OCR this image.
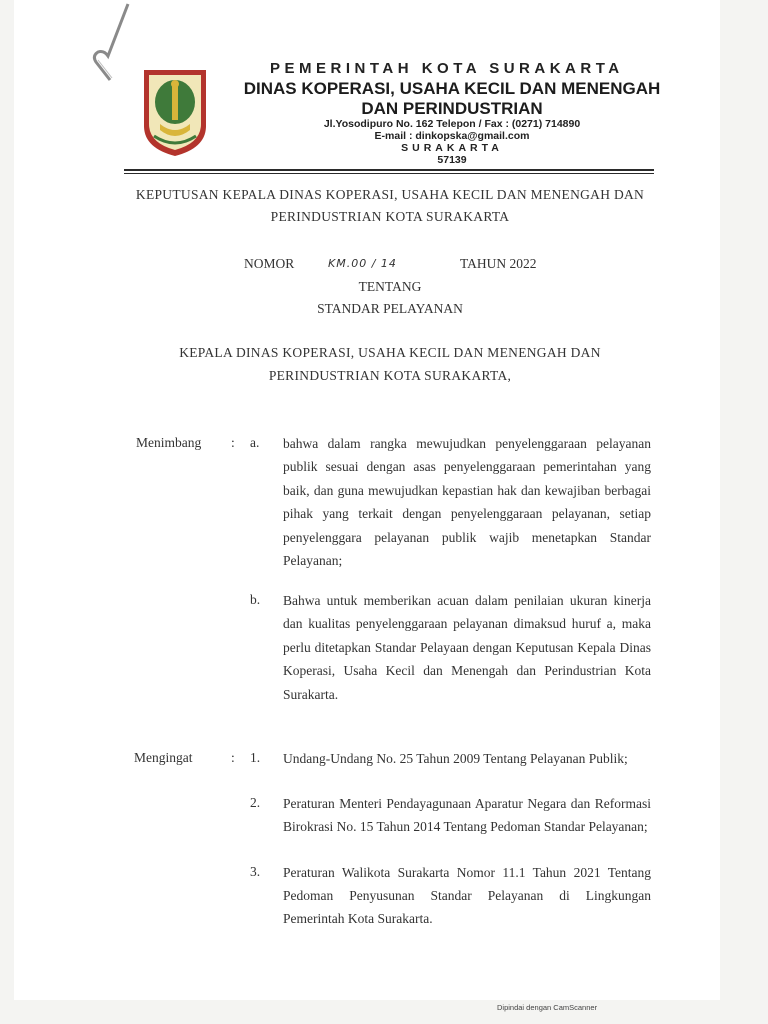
PEMERINTAH KOTA SURAKARTA
DINAS KOPERASI, USAHA KECIL DAN MENENGAH
DAN PERINDUSTRIAN
Jl.Yosodipuro No. 162 Telepon / Fax : (0271) 714890
E-mail : dinkopska@gmail.com
SURAKARTA
57139
KEPUTUSAN KEPALA DINAS KOPERASI, USAHA KECIL DAN MENENGAH DAN
PERINDUSTRIAN KOTA SURAKARTA
NOMOR	KM.00 / 14	TAHUN 2022
TENTANG
STANDAR PELAYANAN
KEPALA DINAS KOPERASI, USAHA KECIL DAN MENENGAH DAN
PERINDUSTRIAN KOTA SURAKARTA,
Menimbang : a. bahwa dalam rangka mewujudkan penyelenggaraan pelayanan publik sesuai dengan asas penyelenggaraan pemerintahan yang baik, dan guna mewujudkan kepastian hak dan kewajiban berbagai pihak yang terkait dengan penyelenggaraan pelayanan, setiap penyelenggara pelayanan publik wajib menetapkan Standar Pelayanan;
b. Bahwa untuk memberikan acuan dalam penilaian ukuran kinerja dan kualitas penyelenggaraan pelayanan dimaksud huruf a, maka perlu ditetapkan Standar Pelayaan dengan Keputusan Kepala Dinas Koperasi, Usaha Kecil dan Menengah dan Perindustrian Kota Surakarta.
Mengingat	: 1. Undang-Undang No. 25 Tahun 2009 Tentang Pelayanan Publik;
2. Peraturan Menteri Pendayagunaan Aparatur Negara dan Reformasi Birokrasi No. 15 Tahun 2014 Tentang Pedoman Standar Pelayanan;
3. Peraturan Walikota Surakarta Nomor 11.1 Tahun 2021 Tentang Pedoman Penyusunan Standar Pelayanan di Lingkungan Pemerintah Kota Surakarta.
Dipindai dengan CamScanner
